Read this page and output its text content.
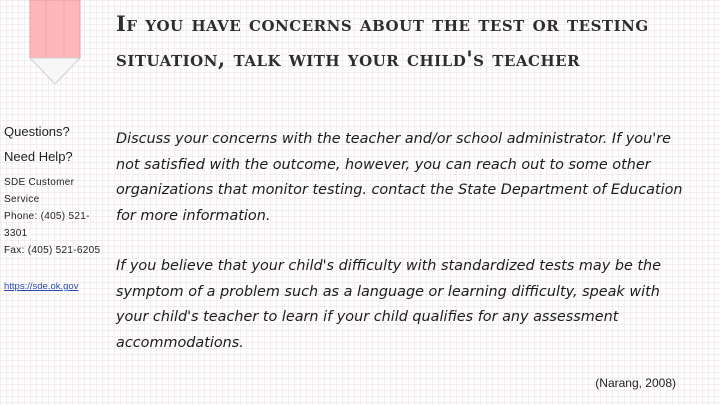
If you have concerns about the test or testing situation, talk with your child's teacher
Questions?
Need Help?
SDE Customer Service
Phone: (405) 521-3301
Fax: (405) 521-6205
https://sde.ok.gov

Discuss your concerns with the teacher and/or school administrator. If you're not satisfied with the outcome, however, you can reach out to some other organizations that monitor testing. contact the State Department of Education for more information.

If you believe that your child's difficulty with standardized tests may be the symptom of a problem such as a language or learning difficulty, speak with your child's teacher to learn if your child qualifies for any assessment accommodations.

(Narang, 2008)
